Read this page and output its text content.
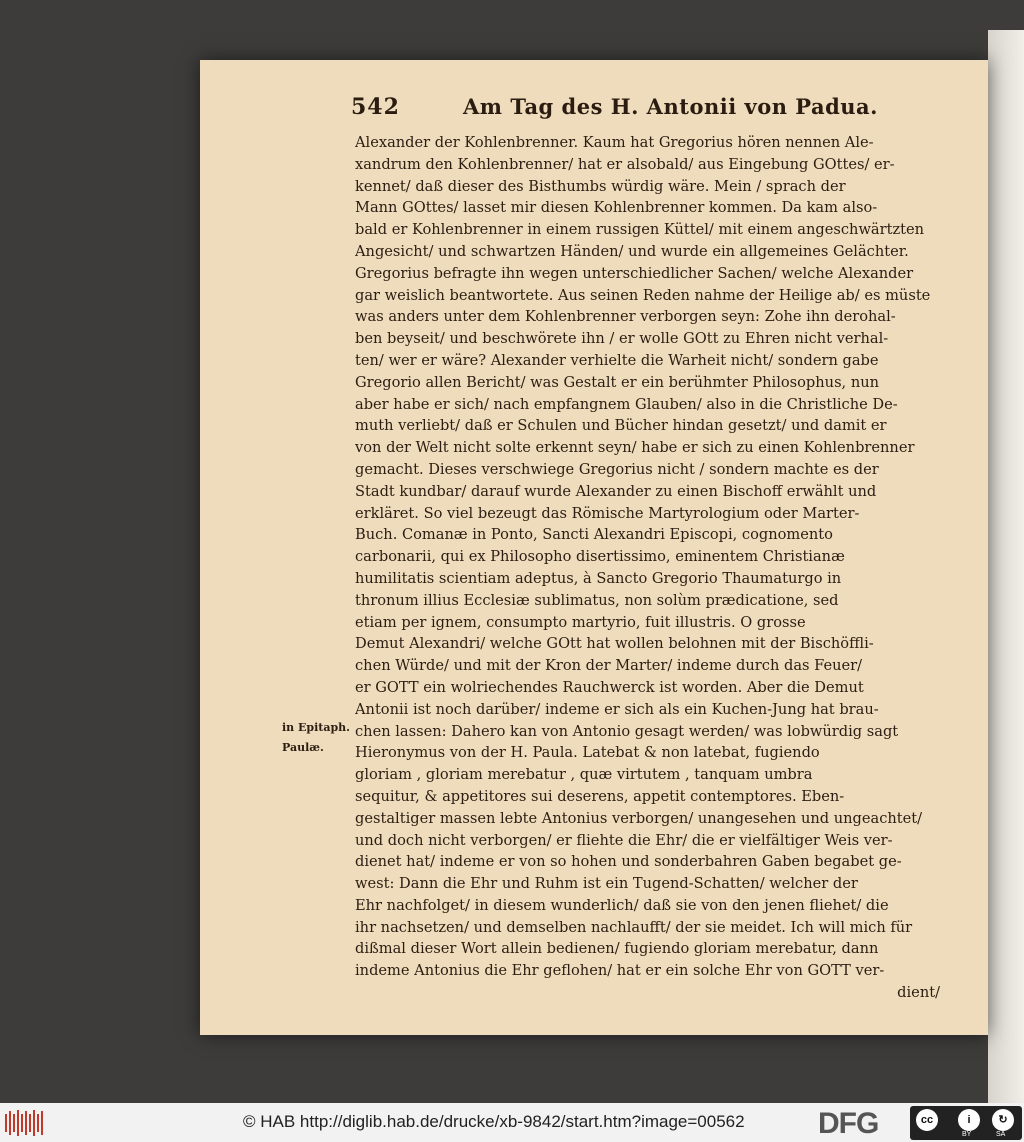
542	Am Tag des H. Antonii von Padua.
Alexander der Kohlenbrenner. Kaum hat Gregorius hören nennen Ale-
xandrum den Kohlenbrenner/ hat er alsobald/ aus Eingebung GOttes/ er-
kennet/ daß dieser des Bisthumbs würdig wäre. Mein / sprach der
Mann GOttes/ lasset mir diesen Kohlenbrenner kommen. Da kam also-
bald er Kohlenbrenner in einem russigen Küttel/ mit einem angeschwärtzten
Angesicht/ und schwartzen Händen/ und wurde ein allgemeines Gelächter.
Gregorius befragte ihn wegen unterschiedlicher Sachen/ welche Alexander
gar weislich beantwortete. Aus seinen Reden nahme der Heilige ab/ es müste
was anders unter dem Kohlenbrenner verborgen seyn: Zohe ihn derohal-
ben beyseit/ und beschwörete ihn / er wolle GOtt zu Ehren nicht verhal-
ten/ wer er wäre? Alexander verhielte die Warheit nicht/ sondern gabe
Gregorio allen Bericht/ was Gestalt er ein berühmter Philosophus, nun
aber habe er sich/ nach empfangnem Glauben/ also in die Christliche De-
muth verliebt/ daß er Schulen und Bücher hindan gesetzt/ und damit er
von der Welt nicht solte erkennt seyn/ habe er sich zu einen Kohlenbrenner
gemacht. Dieses verschwiege Gregorius nicht / sondern machte es der
Stadt kundbar/ darauf wurde Alexander zu einen Bischoff erwählt und
erkläret. So viel bezeugt das Römische Martyrologium oder Marter-
Buch. Comanæ in Ponto, Sancti Alexandri Episcopi, cognomento
carbonarii, qui ex Philosopho disertissimo, eminentem Christianæ
humilitatis scientiam adeptus, à Sancto Gregorio Thaumaturgo in
thronum illius Ecclesiæ sublimatus, non solùm prædicatione, sed
etiam per ignem, consumpto martyrio, fuit illustris. O grosse
Demut Alexandri/ welche GOtt hat wollen belohnen mit der Bischöffli-
chen Würde/ und mit der Kron der Marter/ indeme durch das Feuer/
er GOTT ein wolriechendes Rauchwerck ist worden. Aber die Demut
Antonii ist noch darüber/ indeme er sich als ein Kuchen-Jung hat brau-
chen lassen: Dahero kan von Antonio gesagt werden/ was lobwürdig sagt
Hieronymus von der H. Paula. Latebat & non latebat, fugiendo
gloriam , gloriam merebatur , quæ virtutem , tanquam umbra
sequitur, & appetitores sui deserens, appetit contemptores. Eben-
gestaltiger massen lebte Antonius verborgen/ unangesehen und ungeachtet/
und doch nicht verborgen/ er fliehte die Ehr/ die er vielfältiger Weis ver-
dienet hat/ indeme er von so hohen und sonderbahren Gaben begabet ge-
west: Dann die Ehr und Ruhm ist ein Tugend-Schatten/ welcher der
Ehr nachfolget/ in diesem wunderlich/ daß sie von den jenen fliehet/ die
ihr nachsetzen/ und demselben nachlaufft/ der sie meidet. Ich will mich für
dißmal dieser Wort allein bedienen/ fugiendo gloriam merebatur, dann
indeme Antonius die Ehr geflohen/ hat er ein solche Ehr von GOTT ver-
dient/
in Epitaph.
Paulæ.
© HAB http://diglib.hab.de/drucke/xb-9842/start.htm?image=00562 DFG	cc	i	↻
BY	SA
